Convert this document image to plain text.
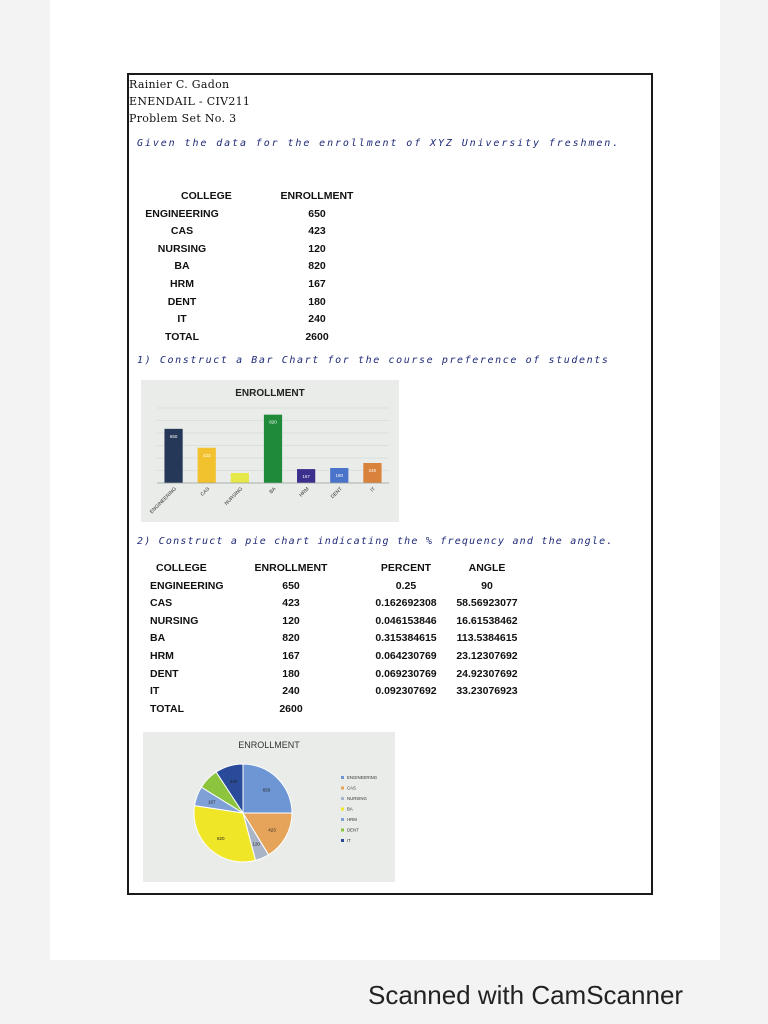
Rainier C. Gadon
ENENDAIL - CIV211
Problem Set No. 3
Given the data for the enrollment of XYZ University freshmen.
COLLEGE	ENROLLMENT
ENGINEERING	650
CAS	423
NURSING	120
BA	820
HRM	167
DENT	180
IT	240
TOTAL	2600
1) Construct a Bar Chart for the course preference of students
ENROLLMENT
650
ENGINEERING
423
CAS	NURSING
820
BA
167
HRM
180
DENT
240
IT
2) Construct a pie chart indicating the % frequency and the angle.
COLLEGE	ENROLLMENT	PERCENT	ANGLE
ENGINEERING	650	0.25	90
CAS	423	0.162692308 58.56923077
NURSING	120	0.046153846 16.61538462
BA	820	0.315384615 113.5384615
HRM	167	0.064230769 23.12307692
DENT	180	0.069230769 24.92307692
IT	240	0.092307692 33.23076923
TOTAL	2600
ENROLLMENT
650
423
120
820
167
240
ENGINEERING
CAS
NURSING
BA
HRM
DENT
IT
Scanned with CamScanner
